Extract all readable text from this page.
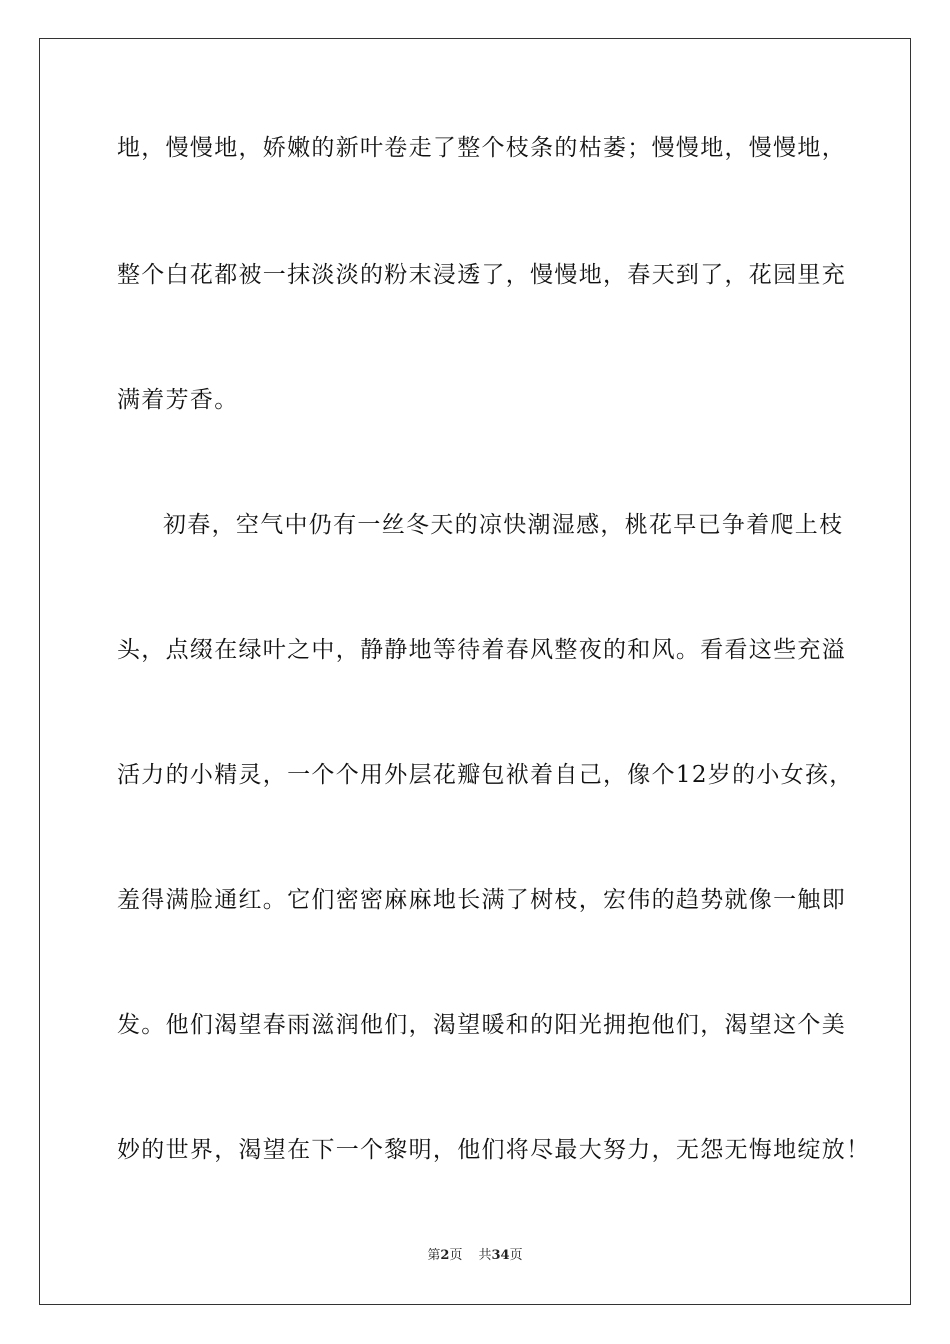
地，慢慢地，娇嫩的新叶卷走了整个枝条的枯萎；慢慢地，慢慢地，
整个白花都被一抹淡淡的粉末浸透了，慢慢地，春天到了，花园里充
满着芳香。
初春，空气中仍有一丝冬天的凉快潮湿感，桃花早已争着爬上枝
头，点缀在绿叶之中，静静地等待着春风整夜的和风。看看这些充溢
活力的小精灵，一个个用外层花瓣包袱着自己，像个12岁的小女孩，
羞得满脸通红。它们密密麻麻地长满了树枝，宏伟的趋势就像一触即
发。他们渴望春雨滋润他们，渴望暖和的阳光拥抱他们，渴望这个美
妙的世界，渴望在下一个黎明，他们将尽最大努力，无怨无悔地绽放！
第2页 共34页
